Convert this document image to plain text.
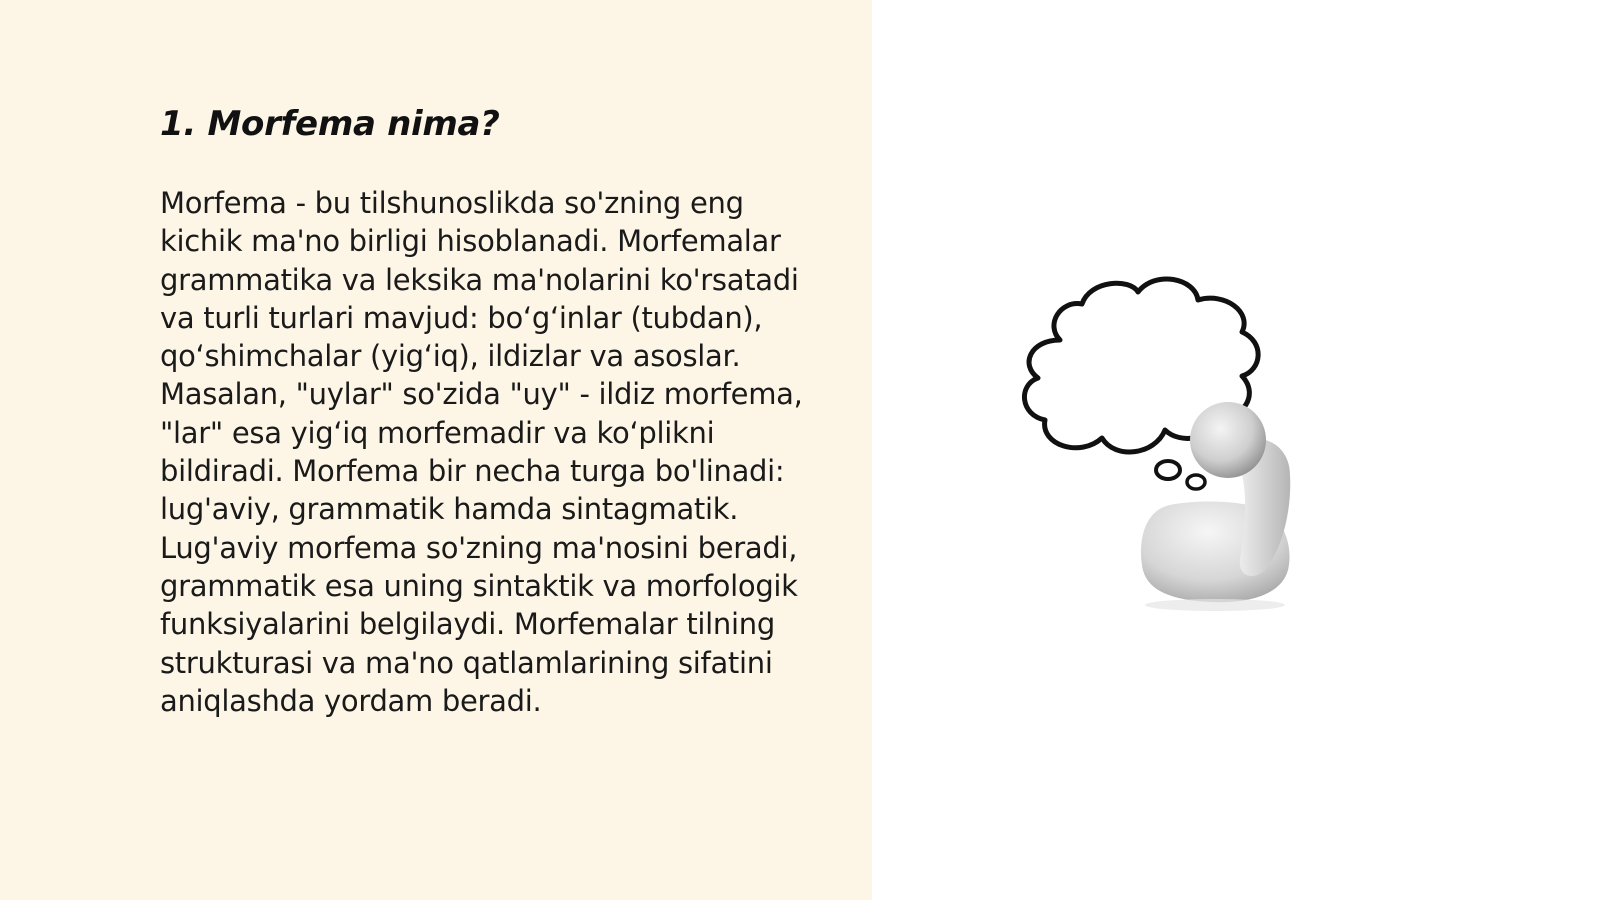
1. Morfema nima?

Morfema - bu tilshunoslikda so'zning eng
kichik ma'no birligi hisoblanadi. Morfemalar
grammatika va leksika ma'nolarini ko'rsatadi
va turli turlari mavjud: bo‘g‘inlar (tubdan),
qo‘shimchalar (yig‘iq), ildizlar va asoslar.
Masalan, "uylar" so'zida "uy" - ildiz morfema,
"lar" esa yig‘iq morfemadir va ko‘plikni
bildiradi. Morfema bir necha turga bo'linadi:
lug'aviy, grammatik hamda sintagmatik.
Lug'aviy morfema so'zning ma'nosini beradi,
grammatik esa uning sintaktik va morfologik
funksiyalarini belgilaydi. Morfemalar tilning
strukturasi va ma'no qatlamlarining sifatini
aniqlashda yordam beradi.
